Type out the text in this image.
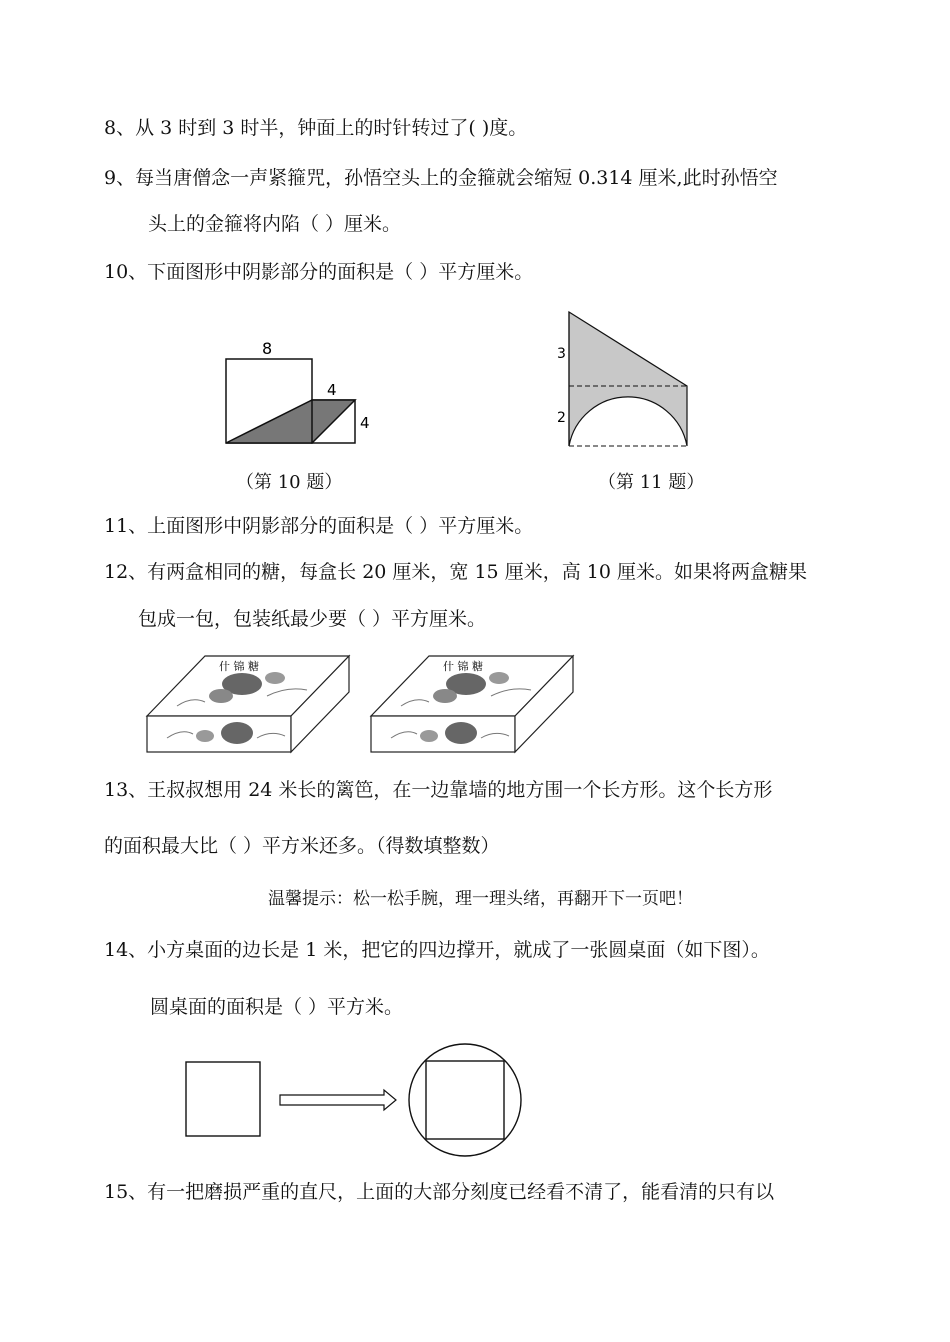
8、从 3 时到 3 时半，钟面上的时针转过了( )度。
9、每当唐僧念一声紧箍咒，孙悟空头上的金箍就会缩短 0.314 厘米,此时孙悟空
头上的金箍将内陷（ ）厘米。
10、下面图形中阴影部分的面积是（ ）平方厘米。
8
4
4
3
2
（第 10 题）	（第 11 题）
11、上面图形中阴影部分的面积是（ ）平方厘米。
12、有两盒相同的糖，每盒长 20 厘米，宽 15 厘米，高 10 厘米。如果将两盒糖果
包成一包，包装纸最少要（ ）平方厘米。
什 锦 糖	什 锦 糖
13、王叔叔想用 24 米长的篱笆，在一边靠墙的地方围一个长方形。这个长方形
的面积最大比（ ）平方米还多。（得数填整数）
温馨提示：松一松手腕，理一理头绪，再翻开下一页吧！
14、小方桌面的边长是 1 米，把它的四边撑开，就成了一张圆桌面（如下图）。
圆桌面的面积是（ ）平方米。
15、有一把磨损严重的直尺，上面的大部分刻度已经看不清了，能看清的只有以
